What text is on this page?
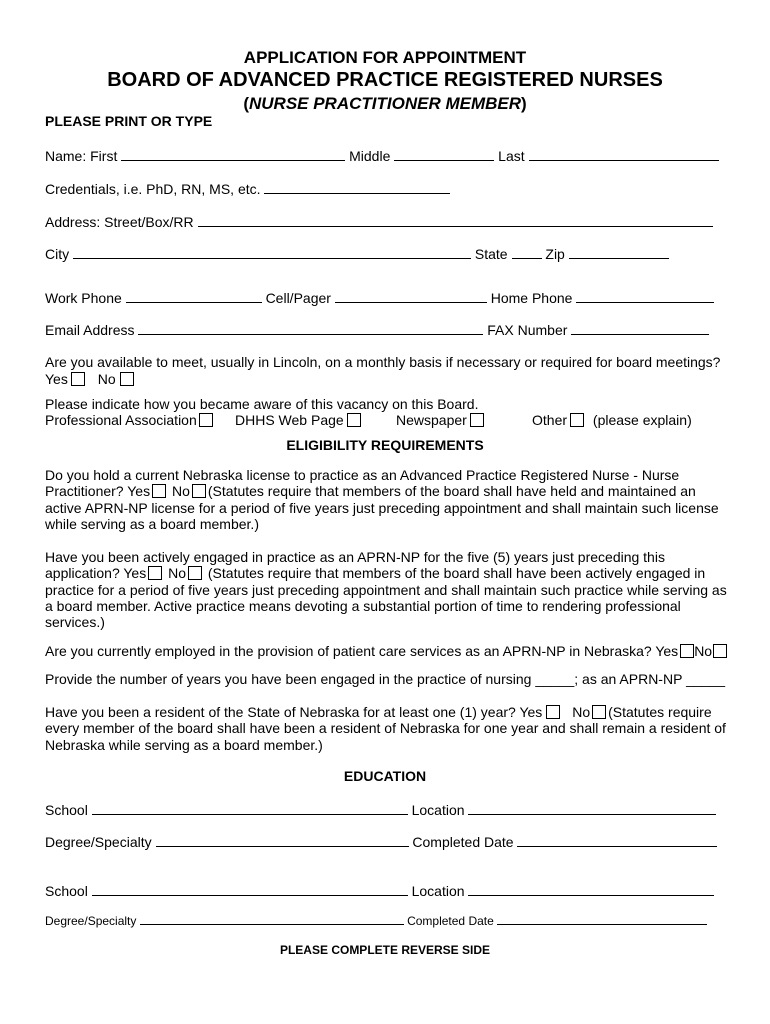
APPLICATION FOR APPOINTMENT
BOARD OF ADVANCED PRACTICE REGISTERED NURSES
(NURSE PRACTITIONER MEMBER)
PLEASE PRINT OR TYPE
Name: First	Middle	Last
Credentials, i.e. PhD, RN, MS, etc.
Address: Street/Box/RR
City	State	Zip
Work Phone	Cell/Pager	Home Phone
Email Address	FAX Number
Are you available to meet, usually in Lincoln, on a monthly basis if necessary or required for board meetings?
Yes No
Please indicate how you became aware of this vacancy on this Board.
Professional Association	DHHS Web Page	Newspaper	Other (please explain)
ELIGIBILITY REQUIREMENTS
Do you hold a current Nebraska license to practice as an Advanced Practice Registered Nurse - Nurse Practitioner? Yes No (Statutes require that members of the board shall have held and maintained an active APRN-NP license for a period of five years just preceding appointment and shall maintain such license while serving as a board member.)
Have you been actively engaged in practice as an APRN-NP for the five (5) years just preceding this application? Yes No (Statutes require that members of the board shall have been actively engaged in practice for a period of five years just preceding appointment and shall maintain such practice while serving as a board member. Active practice means devoting a substantial portion of time to rendering professional services.)
Are you currently employed in the provision of patient care services as an APRN-NP in Nebraska? Yes No
Provide the number of years you have been engaged in the practice of nursing _____; as an APRN-NP _____
Have you been a resident of the State of Nebraska for at least one (1) year? Yes No (Statutes require every member of the board shall have been a resident of Nebraska for one year and shall remain a resident of Nebraska while serving as a board member.)
EDUCATION
School	Location
Degree/Specialty	Completed Date
School	Location
Degree/Specialty	Completed Date
PLEASE COMPLETE REVERSE SIDE
